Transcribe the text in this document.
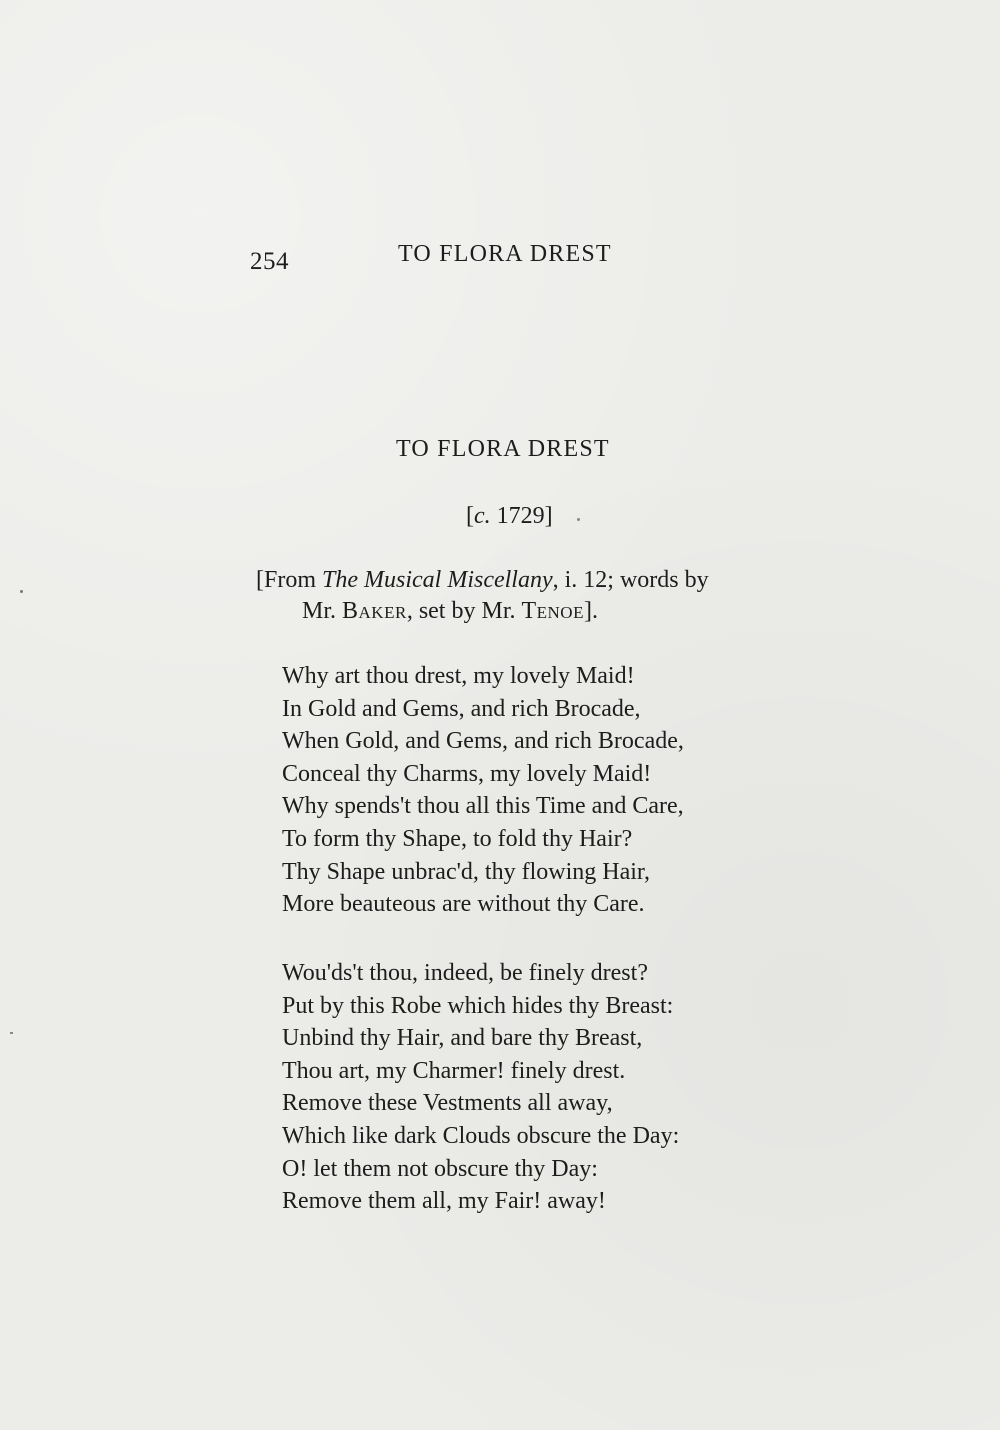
254	TO FLORA DREST
TO FLORA DREST
[c. 1729]
[From The Musical Miscellany, i. 12; words by
Mr. Baker, set by Mr. Tenoe].
Why art thou drest, my lovely Maid!
In Gold and Gems, and rich Brocade,
When Gold, and Gems, and rich Brocade,
Conceal thy Charms, my lovely Maid!
Why spends't thou all this Time and Care,
To form thy Shape, to fold thy Hair?
Thy Shape unbrac'd, thy flowing Hair,
More beauteous are without thy Care.
Wou'ds't thou, indeed, be finely drest?
Put by this Robe which hides thy Breast:
Unbind thy Hair, and bare thy Breast,
Thou art, my Charmer! finely drest.
Remove these Vestments all away,
Which like dark Clouds obscure the Day:
O! let them not obscure thy Day:
Remove them all, my Fair! away!
